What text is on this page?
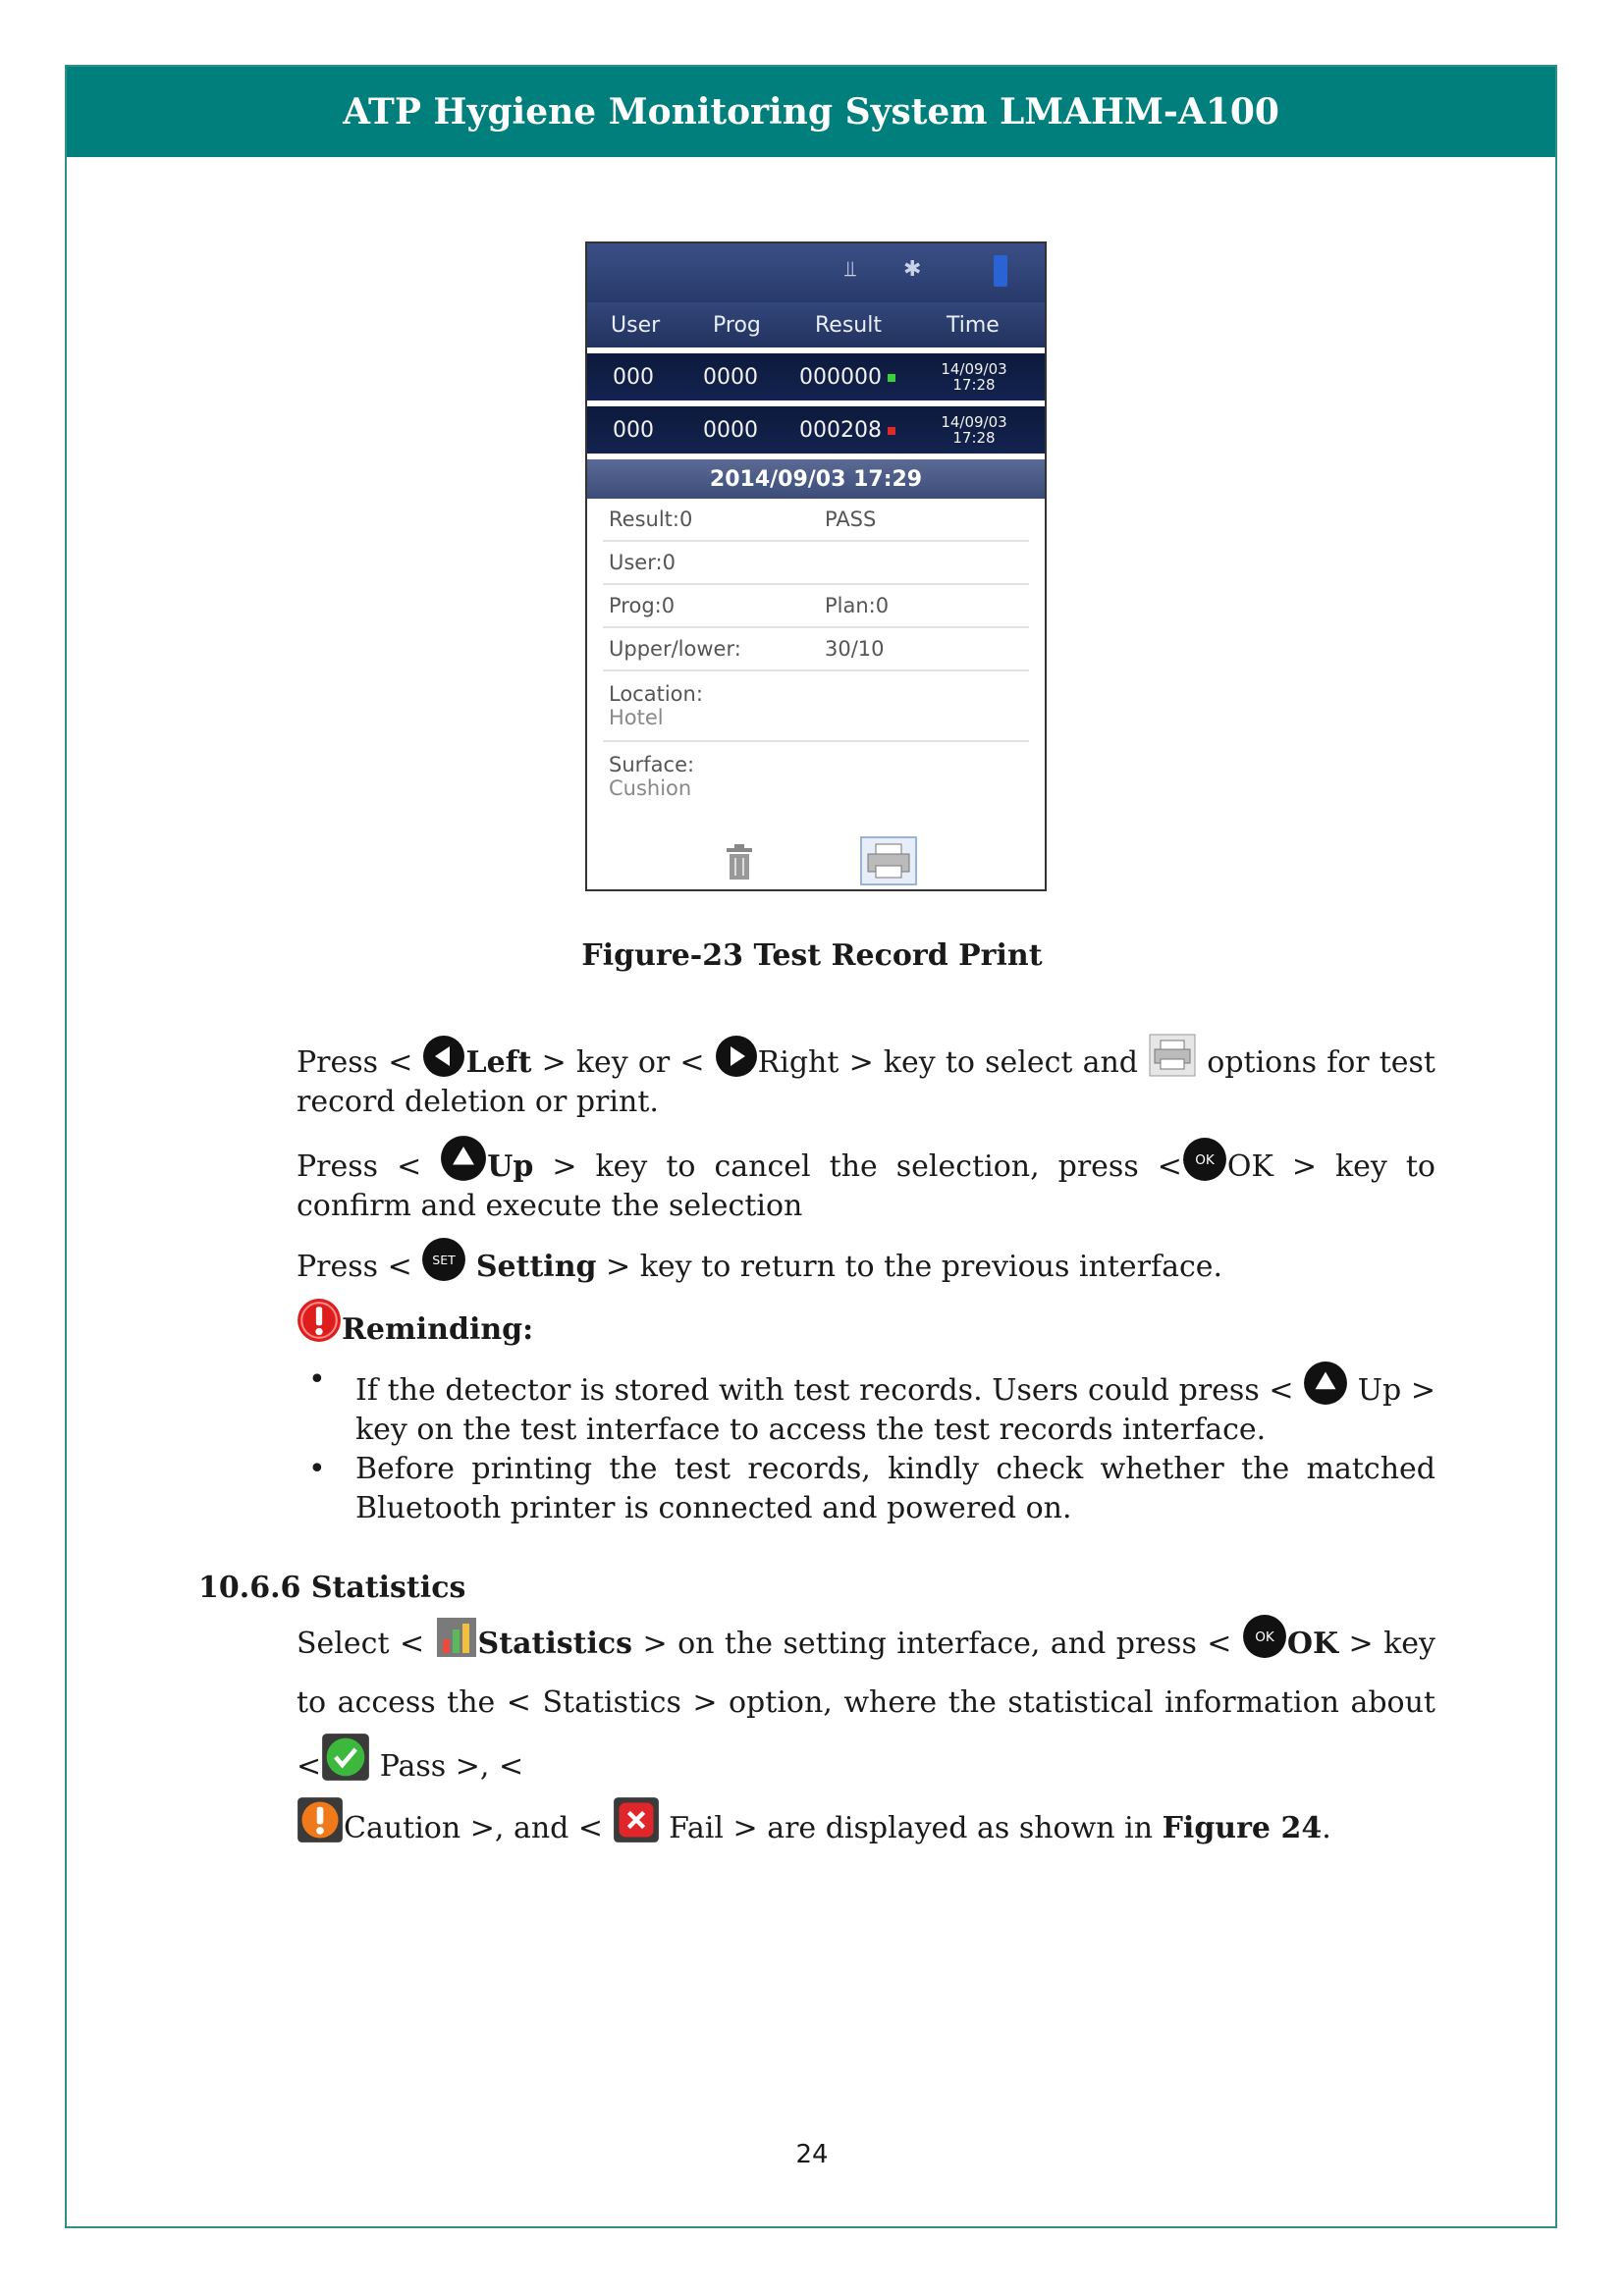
ATP Hygiene Monitoring System LMAHM-A100
⫫ ✱
User	Prog	Result	Time
000	0000	000000	14/09/03
17:28
000	0000	000208	14/09/03
17:28
2014/09/03 17:29
Result:0	PASS
User:0
Prog:0	Plan:0
Upper/lower:	30/10
Location:
Hotel
Surface:
Cushion
Figure-23 Test Record Print
Press < Left > key or < Right > key to select and options for test record deletion or print.
Press < Up > key to cancel the selection, press < OK OK > key to confirm and execute the selection
Press < SET Setting > key to return to the previous interface.
Reminding:
• If the detector is stored with test records. Users could press < Up > key on the test interface to access the test records interface.
• Before printing the test records, kindly check whether the matched Bluetooth printer is connected and powered on.
10.6.6 Statistics
Select < Statistics > on the setting interface, and press < OK OK > key to access the < Statistics > option, where the statistical information about < Pass >, <
Caution >, and < Fail > are displayed as shown in Figure 24.
24
